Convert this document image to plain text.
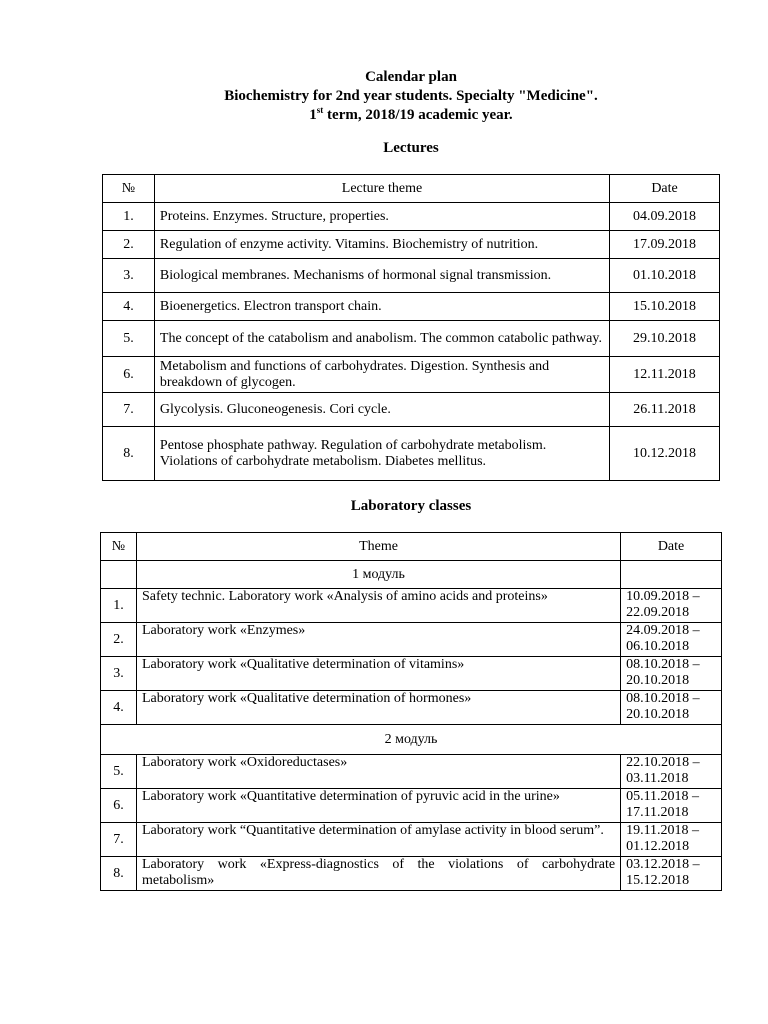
Calendar plan
Biochemistry for 2nd year students. Specialty "Medicine".
1st term, 2018/19 academic year.
Lectures
№	Lecture theme	Date
1.	Proteins. Enzymes. Structure, properties.	04.09.2018
2.	Regulation of enzyme activity. Vitamins. Biochemistry of nutrition.	17.09.2018
3.	Biological membranes. Mechanisms of hormonal signal transmission.	01.10.2018
4.	Bioenergetics. Electron transport chain.	15.10.2018
5.	The concept of the catabolism and anabolism. The common catabolic pathway.	29.10.2018
6.	Metabolism and functions of carbohydrates. Digestion. Synthesis and breakdown of glycogen.	12.11.2018
7.	Glycolysis. Gluconeogenesis. Cori cycle.	26.11.2018
8.	Pentose phosphate pathway. Regulation of carbohydrate metabolism. Violations of carbohydrate metabolism. Diabetes mellitus.	10.12.2018
Laboratory classes
№	Theme	Date
	1 модуль	
1.	Safety technic. Laboratory work «Analysis of amino acids and proteins»	10.09.2018 –
22.09.2018

2.	Laboratory work «Enzymes»	24.09.2018 –
06.10.2018

3.	Laboratory work «Qualitative determination of vitamins»	08.10.2018 –
20.10.2018

4.	Laboratory work «Qualitative determination of hormones»	08.10.2018 –
20.10.2018

2 модуль		
5.	Laboratory work «Oxidoreductases»	22.10.2018 –
03.11.2018

6.	Laboratory work «Quantitative determination of pyruvic acid in the urine»	05.11.2018 –
17.11.2018

7.	Laboratory work “Quantitative determination of amylase activity in blood serum”.	19.11.2018 –
01.12.2018

8.	Laboratory work «Express-diagnostics of the violations of carbohydrate metabolism»	03.12.2018 –
15.12.2018
